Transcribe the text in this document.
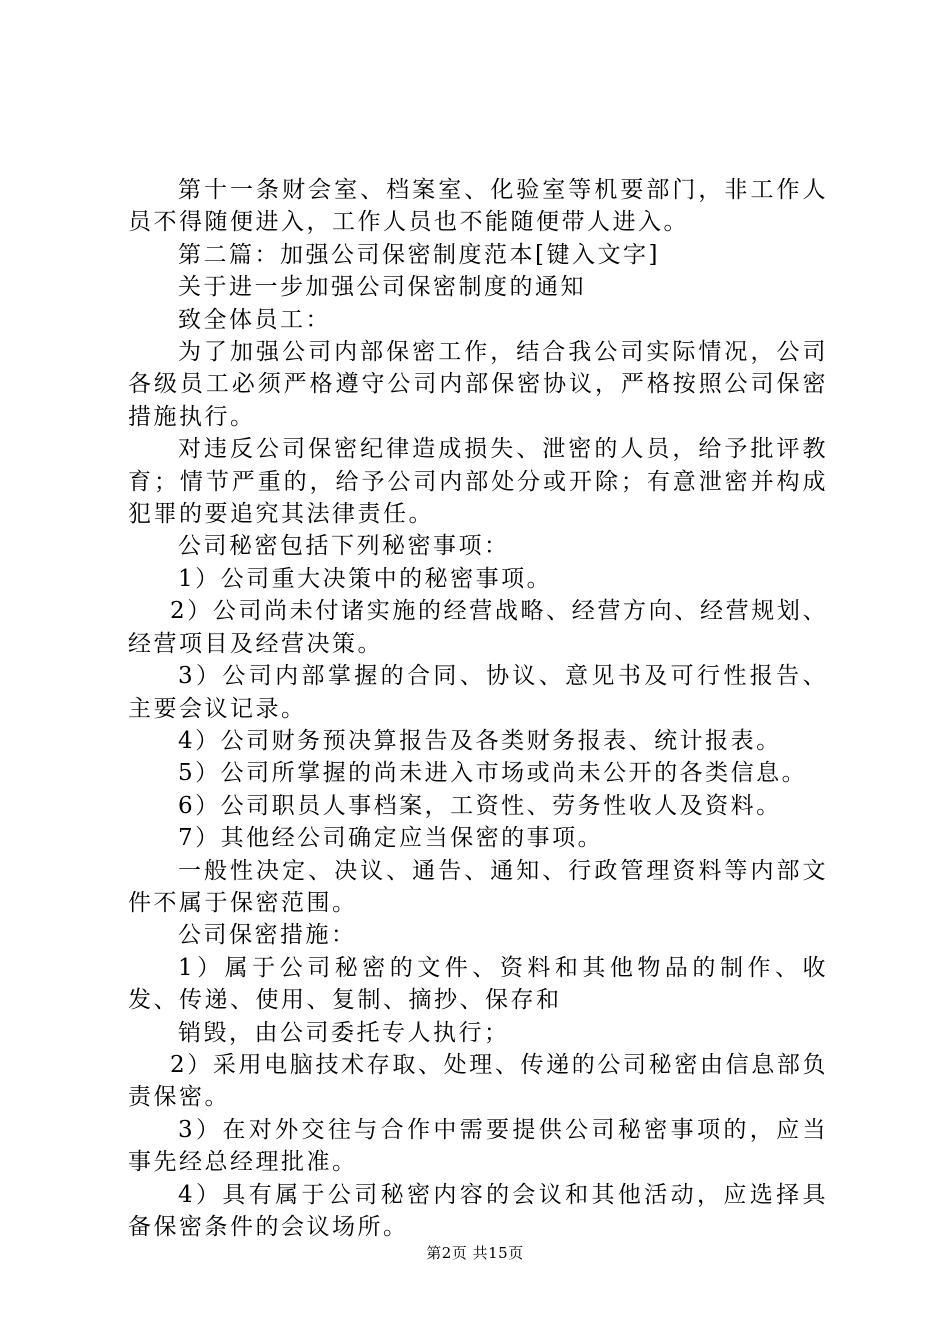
第十一条财会室、档案室、化验室等机要部门，非工作人员不得随便进入，工作人员也不能随便带人进入。

第二篇：加强公司保密制度范本[键入文字]

关于进一步加强公司保密制度的通知

致全体员工：

为了加强公司内部保密工作，结合我公司实际情况，公司各级员工必须严格遵守公司内部保密协议，严格按照公司保密措施执行。

对违反公司保密纪律造成损失、泄密的人员，给予批评教育；情节严重的，给予公司内部处分或开除；有意泄密并构成犯罪的要追究其法律责任。

公司秘密包括下列秘密事项：

1）公司重大决策中的秘密事项。

2）公司尚未付诸实施的经营战略、经营方向、经营规划、经营项目及经营决策。

3）公司内部掌握的合同、协议、意见书及可行性报告、主要会议记录。

4）公司财务预决算报告及各类财务报表、统计报表。

5）公司所掌握的尚未进入市场或尚未公开的各类信息。

6）公司职员人事档案，工资性、劳务性收人及资料。

7）其他经公司确定应当保密的事项。

一般性决定、决议、通告、通知、行政管理资料等内部文件不属于保密范围。

公司保密措施：

1）属于公司秘密的文件、资料和其他物品的制作、收发、传递、使用、复制、摘抄、保存和

销毁，由公司委托专人执行；

2）采用电脑技术存取、处理、传递的公司秘密由信息部负责保密。

3）在对外交往与合作中需要提供公司秘密事项的，应当事先经总经理批准。

4）具有属于公司秘密内容的会议和其他活动，应选择具备保密条件的会议场所。

第2页 共15页
